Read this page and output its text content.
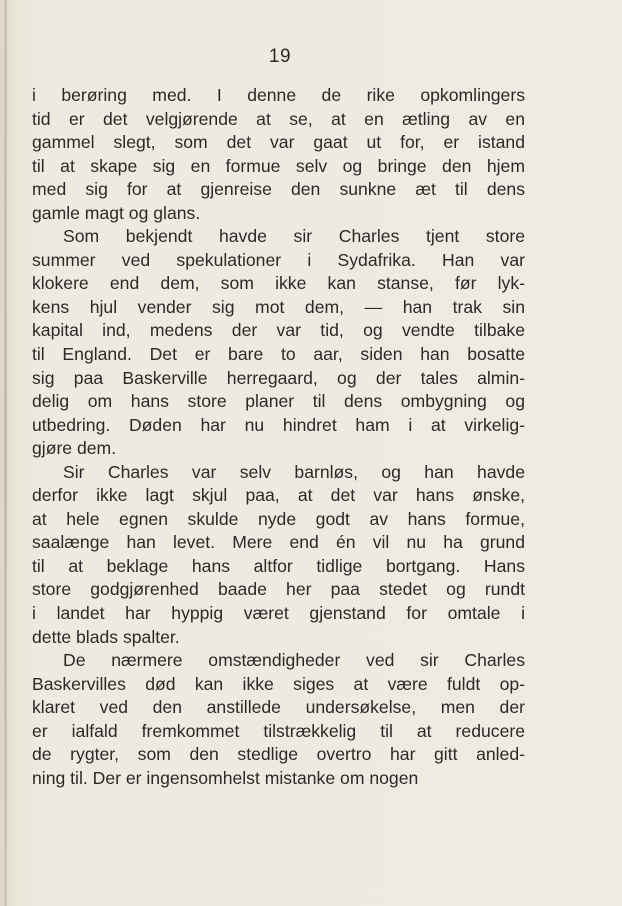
19
i berøring med. I denne de rike opkomlingers
tid er det velgjørende at se, at en ætling av en
gammel slegt, som det var gaat ut for, er istand
til at skape sig en formue selv og bringe den hjem
med sig for at gjenreise den sunkne æt til dens
gamle magt og glans.
Som bekjendt havde sir Charles tjent store
summer ved spekulationer i Sydafrika. Han var
klokere end dem, som ikke kan stanse, før lyk-
kens hjul vender sig mot dem, — han trak sin
kapital ind, medens der var tid, og vendte tilbake
til England. Det er bare to aar, siden han bosatte
sig paa Baskerville herregaard, og der tales almin-
delig om hans store planer til dens ombygning og
utbedring. Døden har nu hindret ham i at virkelig-
gjøre dem.
Sir Charles var selv barnløs, og han havde
derfor ikke lagt skjul paa, at det var hans ønske,
at hele egnen skulde nyde godt av hans formue,
saalænge han levet. Mere end én vil nu ha grund
til at beklage hans altfor tidlige bortgang. Hans
store godgjørenhed baade her paa stedet og rundt
i landet har hyppig været gjenstand for omtale i
dette blads spalter.
De nærmere omstændigheder ved sir Charles
Baskervilles død kan ikke siges at være fuldt op-
klaret ved den anstillede undersøkelse, men der
er ialfald fremkommet tilstrækkelig til at reducere
de rygter, som den stedlige overtro har gitt anled-
ning til. Der er ingensomhelst mistanke om nogen
